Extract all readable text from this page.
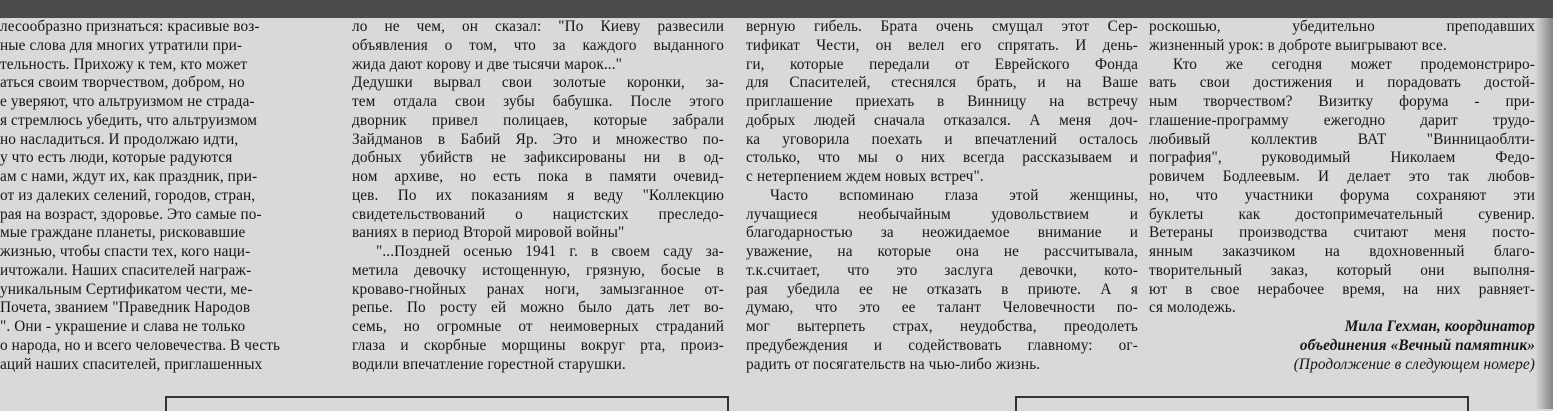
лесообразно признаться: красивые воз-
ные слова для многих утратили при-
тельность. Прихожу к тем, кто может
аться своим творчеством, добром, но
е уверяют, что альтруизмом не страда-
я стремлюсь убедить, что альтруизмом
но насладиться. И продолжаю идти,
у что есть люди, которые радуются
ам с нами, ждут их, как праздник, при-
от из далеких селений, городов, стран,
рая на возраст, здоровье. Это самые по-
мые граждане планеты, рисковавшие
жизнью, чтобы спасти тех, кого наци-
ичтожали. Наших спасителей награж-
уникальным Сертификатом чести, ме-
Почета, званием "Праведник Народов
". Они - украшение и слава не только
о народа, но и всего человечества. В честь
аций наших спасителей, приглашенных
ло не чем, он сказал: "По Киеву развесили
объявления о том, что за каждого выданного
жида дают корову и две тысячи марок..."
Дедушки вырвал свои золотые коронки, за-
тем отдала свои зубы бабушка. После этого
дворник привел полицаев, которые забрали
Зайдманов в Бабий Яр. Это и множество по-
добных убийств не зафиксированы ни в од-
ном архиве, но есть пока в памяти очевид-
цев. По их показаниям я веду "Коллекцию
свидетельствований о нацистских преследо-
ваниях в период Второй мировой войны"
"...Поздней осенью 1941 г. в своем саду за-
метила девочку истощенную, грязную, босые в
кроваво-гнойных ранах ноги, замызганное от-
репье. По росту ей можно было дать лет во-
семь, но огромные от неимоверных страданий
глаза и скорбные морщины вокруг рта, произ-
водили впечатление горестной старушки.
верную гибель. Брата очень смущал этот Сер-
тификат Чести, он велел его спрятать. И день-
ги, которые передали от Еврейского Фонда
для Спасителей, стеснялся брать, и на Ваше
приглашение приехать в Винницу на встречу
добрых людей сначала отказался. А меня доч-
ка уговорила поехать и впечатлений осталось
столько, что мы о них всегда рассказываем и
с нетерпением ждем новых встреч".
Часто вспоминаю глаза этой женщины,
лучащиеся необычайным удовольствием и
благодарностью за неожидаемое внимание и
уважение, на которые она не рассчитывала,
т.к.считает, что это заслуга девочки, кото-
рая убедила ее не отказать в приюте. А я
думаю, что это ее талант Человечности по-
мог вытерпеть страх, неудобства, преодолеть
предубеждения и содействовать главному: ог-
радить от посягательств на чью-либо жизнь.
роскошью, убедительно преподавших
жизненный урок: в доброте выигрывают все.
Кто же сегодня может продемонстриро-
вать свои достижения и порадовать достой-
ным творчеством? Визитку форума - при-
глашение-программу ежегодно дарит трудо-
любивый коллектив ВАТ "Винницаоблти-
пография", руководимый Николаем Федо-
ровичем Бодлеевым. И делает это так любов-
но, что участники форума сохраняют эти
буклеты как достопримечательный сувенир.
Ветераны производства считают меня посто-
янным заказчиком на вдохновенный благо-
творительный заказ, который они выполня-
ют в свое нерабочее время, на них равняет-
ся молодежь.
Мила Гехман, координатор
объединения «Вечный памятник»
(Продолжение в следующем номере)
